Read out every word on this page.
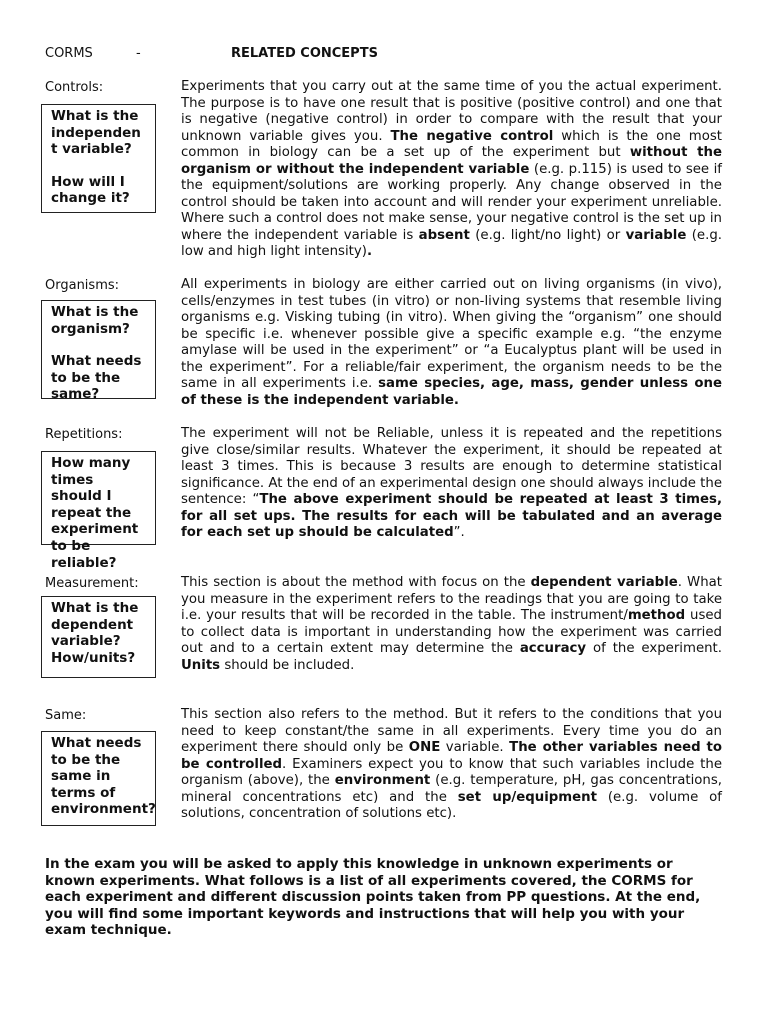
CORMS	-	RELATED CONCEPTS
Controls:
What is the independen t variable?
How will I change it?
Experiments that you carry out at the same time of you the actual experiment. The purpose is to have one result that is positive (positive control) and one that is negative (negative control) in order to compare with the result that your unknown variable gives you. The negative control which is the one most common in biology can be a set up of the experiment but without the organism or without the independent variable (e.g. p.115) is used to see if the equipment/solutions are working properly. Any change observed in the control should be taken into account and will render your experiment unreliable. Where such a control does not make sense, your negative control is the set up in where the independent variable is absent (e.g. light/no light) or variable (e.g. low and high light intensity).
Organisms:
What is the organism?
What needs to be the same?
All experiments in biology are either carried out on living organisms (in vivo), cells/enzymes in test tubes (in vitro) or non-living systems that resemble living organisms e.g. Visking tubing (in vitro). When giving the “organism” one should be specific i.e. whenever possible give a specific example e.g. “the enzyme amylase will be used in the experiment” or “a Eucalyptus plant will be used in the experiment”. For a reliable/fair experiment, the organism needs to be the same in all experiments i.e. same species, age, mass, gender unless one of these is the independent variable.
Repetitions:
How many times should I repeat the experiment to be reliable?
The experiment will not be Reliable, unless it is repeated and the repetitions give close/similar results. Whatever the experiment, it should be repeated at least 3 times. This is because 3 results are enough to determine statistical significance. At the end of an experimental design one should always include the sentence: “The above experiment should be repeated at least 3 times, for all set ups. The results for each will be tabulated and an average for each set up should be calculated”.
Measurement:
What is the dependent variable? How/units?
This section is about the method with focus on the dependent variable. What you measure in the experiment refers to the readings that you are going to take i.e. your results that will be recorded in the table. The instrument/method used to collect data is important in understanding how the experiment was carried out and to a certain extent may determine the accuracy of the experiment. Units should be included.
Same:
What needs to be the same in terms of environment?
This section also refers to the method. But it refers to the conditions that you need to keep constant/the same in all experiments. Every time you do an experiment there should only be ONE variable. The other variables need to be controlled. Examiners expect you to know that such variables include the organism (above), the environment (e.g. temperature, pH, gas concentrations, mineral concentrations etc) and the set up/equipment (e.g. volume of solutions, concentration of solutions etc).
In the exam you will be asked to apply this knowledge in unknown experiments or known experiments. What follows is a list of all experiments covered, the CORMS for each experiment and different discussion points taken from PP questions. At the end, you will find some important keywords and instructions that will help you with your exam technique.
